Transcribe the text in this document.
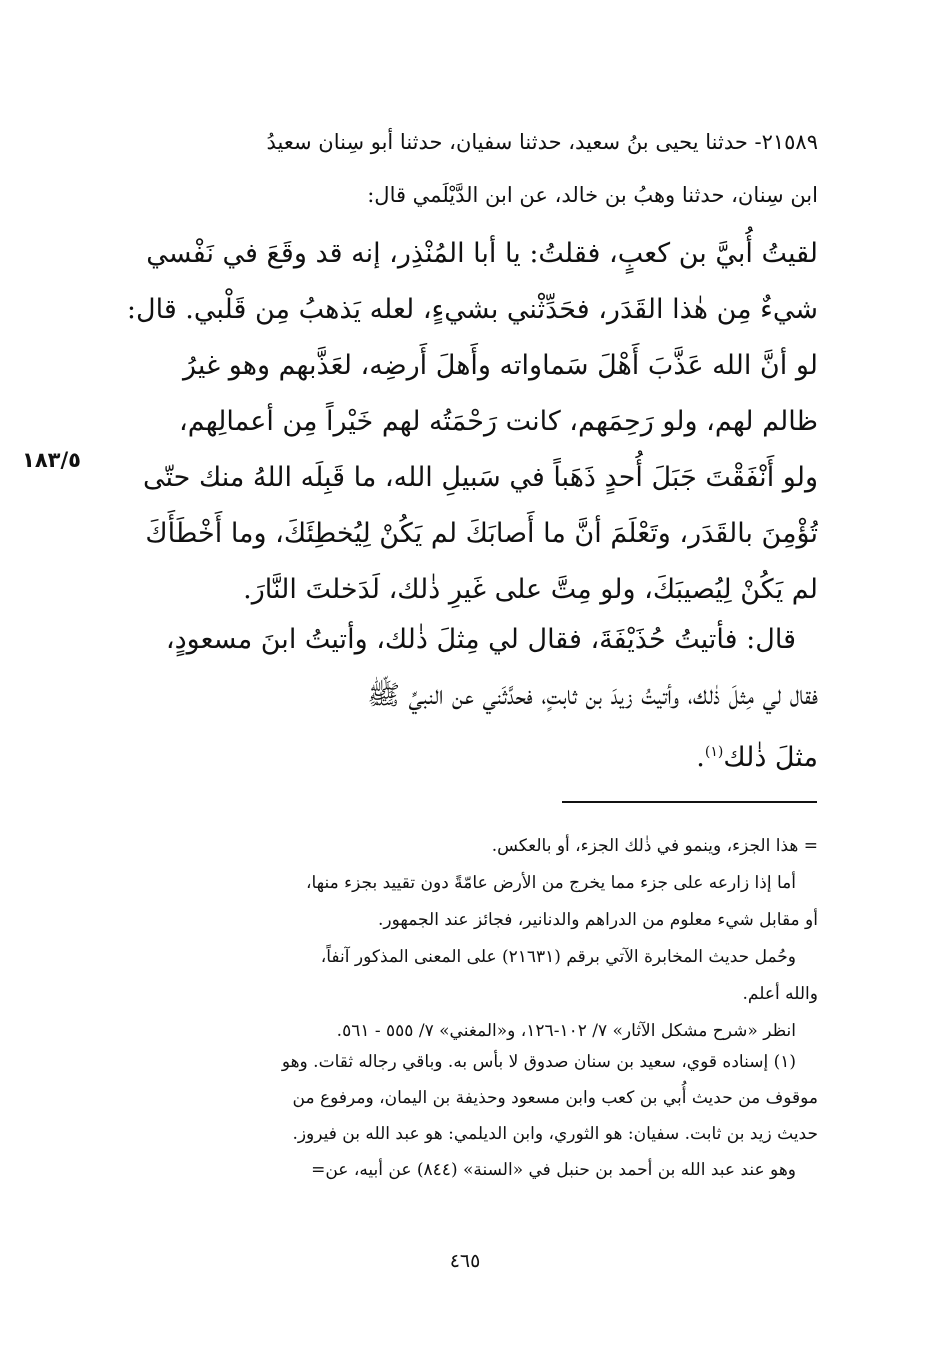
٢١٥٨٩- حدثنا يحيى بنُ سعيد، حدثنا سفيان، حدثنا أبو سِنان سعيدُ
ابن سِنان، حدثنا وهبُ بن خالد، عن ابن الدَّيْلَمي قال:
لقيتُ أُبيَّ بن كعبٍ، فقلتُ: يا أبا المُنْذِر، إنه قد وقَعَ في نَفْسي
شيءٌ مِن هٰذا القَدَر، فحَدِّثْني بشيءٍ، لعله يَذهبُ مِن قَلْبي. قال:
لو أنَّ الله عَذَّبَ أَهْلَ سَماواته وأَهلَ أَرضِه، لعَذَّبهم وهو غيرُ
ظالم لهم، ولو رَحِمَهم، كانت رَحْمَتُه لهم خَيْراً مِن أعمالِهم،
ولو أَنْفَقْتَ جَبَلَ أُحدٍ ذَهَباً في سَبيلِ الله، ما قَبِلَه اللهُ منك حتّى
تُؤْمِنَ بالقَدَر، وتَعْلَمَ أنَّ ما أَصابَكَ لم يَكُنْ لِيُخطِئَكَ، وما أَخْطَأَكَ
لم يَكُنْ لِيُصيبَكَ، ولو مِتَّ على غَيرِ ذٰلك، لَدَخلتَ النَّارَ.
١٨٣/٥
قال: فأتيتُ حُذَيْفَةَ، فقال لي مِثلَ ذٰلك، وأتيتُ ابنَ مسعودٍ،
فقال لي مِثلَ ذٰلك، وأتيتُ زيدَ بن ثابتٍ، فحدَّثَني عن النبيِّ ﷺ
مثلَ ذٰلك$^{(١)}$.
= هذا الجزء، وينمو في ذٰلك الجزء، أو بالعكس.
أما إذا زارعه على جزء مما يخرج من الأرض عامّةً دون تقييد بجزء منها،
أو مقابل شيء معلوم من الدراهم والدنانير، فجائز عند الجمهور.
وحُمل حديث المخابرة الآتي برقم (٢١٦٣١) على المعنى المذكور آنفاً،
والله أعلم.
انظر «شرح مشكل الآثار» ٧/ ١٠٢-١٢٦، و«المغني» ٧/ ٥٥٥ - ٥٦١.
(١) إسناده قوي، سعيد بن سنان صدوق لا بأس به. وباقي رجاله ثقات. وهو
موقوف من حديث أُبي بن كعب وابن مسعود وحذيفة بن اليمان، ومرفوع من
حديث زيد بن ثابت. سفيان: هو الثوري، وابن الديلمي: هو عبد الله بن فيروز.
وهو عند عبد الله بن أحمد بن حنبل في «السنة» (٨٤٤) عن أبيه، عن=
٤٦٥
